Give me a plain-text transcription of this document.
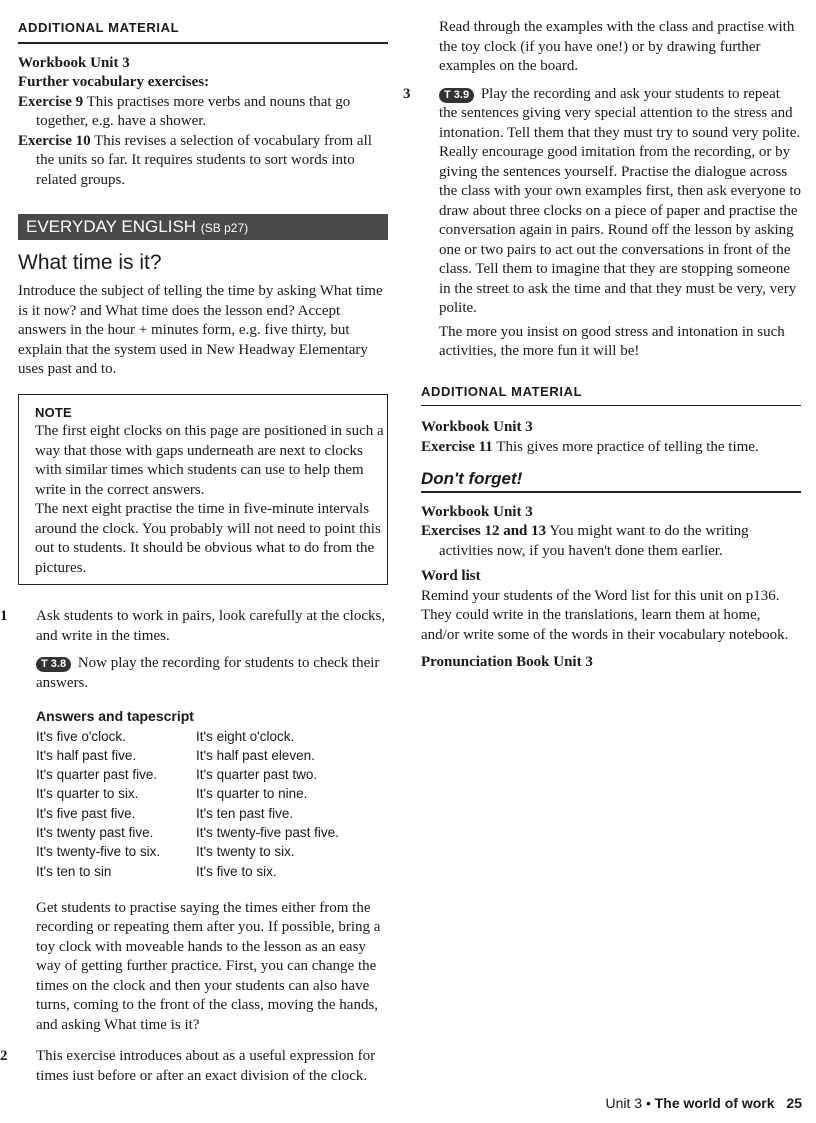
ADDITIONAL MATERIAL

Workbook Unit 3

Further vocabulary exercises:

Exercise 9 This practises more verbs and nouns that go together, e.g. have a shower.

Exercise 10 This revises a selection of vocabulary from all the units so far. It requires students to sort words into related groups.

EVERYDAY ENGLISH (SB p27)
What time is it?

Introduce the subject of telling the time by asking What time is it now? and What time does the lesson end? Accept answers in the hour + minutes form, e.g. five thirty, but explain that the system used in New Headway Elementary uses past and to.

NOTE

The first eight clocks on this page are positioned in such a way that those with gaps underneath are next to clocks with similar times which students can use to help them write in the correct answers.

The next eight practise the time in five-minute intervals around the clock. You probably will not need to point this out to students. It should be obvious what to do from the pictures.

1 Ask students to work in pairs, look carefully at the clocks, and write in the times.

T 3.8 Now play the recording for students to check their answers.

Answers and tapescript
It's five o'clock.	It's eight o'clock.
It's half past five.	It's half past eleven.
It's quarter past five.	It's quarter past two.
It's quarter to six.	It's quarter to nine.
It's five past five.	It's ten past five.
It's twenty past five.	It's twenty-five past five.
It's twenty-five to six.	It's twenty to six.
It's ten to sin	It's five to six.

Get students to practise saying the times either from the recording or repeating them after you. If possible, bring a toy clock with moveable hands to the lesson as an easy way of getting further practice. First, you can change the times on the clock and then your students can also have turns, coming to the front of the class, moving the hands, and asking What time is it?

2 This exercise introduces about as a useful expression for times iust before or after an exact division of the clock.

Read through the examples with the class and practise with the toy clock (if you have one!) or by drawing further examples on the board.

3	T 3.9 Play the recording and ask your students to repeat the sentences giving very special attention to the stress and intonation. Tell them that they must try to sound very polite. Really encourage good imitation from the recording, or by giving the sentences yourself. Practise the dialogue across the class with your own examples first, then ask everyone to draw about three clocks on a piece of paper and practise the conversation again in pairs. Round off the lesson by asking one or two pairs to act out the conversations in front of the class. Tell them to imagine that they are stopping someone in the street to ask the time and that they must be very, very polite.

The more you insist on good stress and intonation in such activities, the more fun it will be!

ADDITIONAL MATERIAL

Workbook Unit 3

Exercise 11 This gives more practice of telling the time.

Don't forget!

Workbook Unit 3

Exercises 12 and 13 You might want to do the writing activities now, if you haven't done them earlier.

Word list

Remind your students of the Word list for this unit on p136. They could write in the translations, learn them at home, and/or write some of the words in their vocabulary notebook.

Pronunciation Book Unit 3

Unit 3 • The world of work 25
